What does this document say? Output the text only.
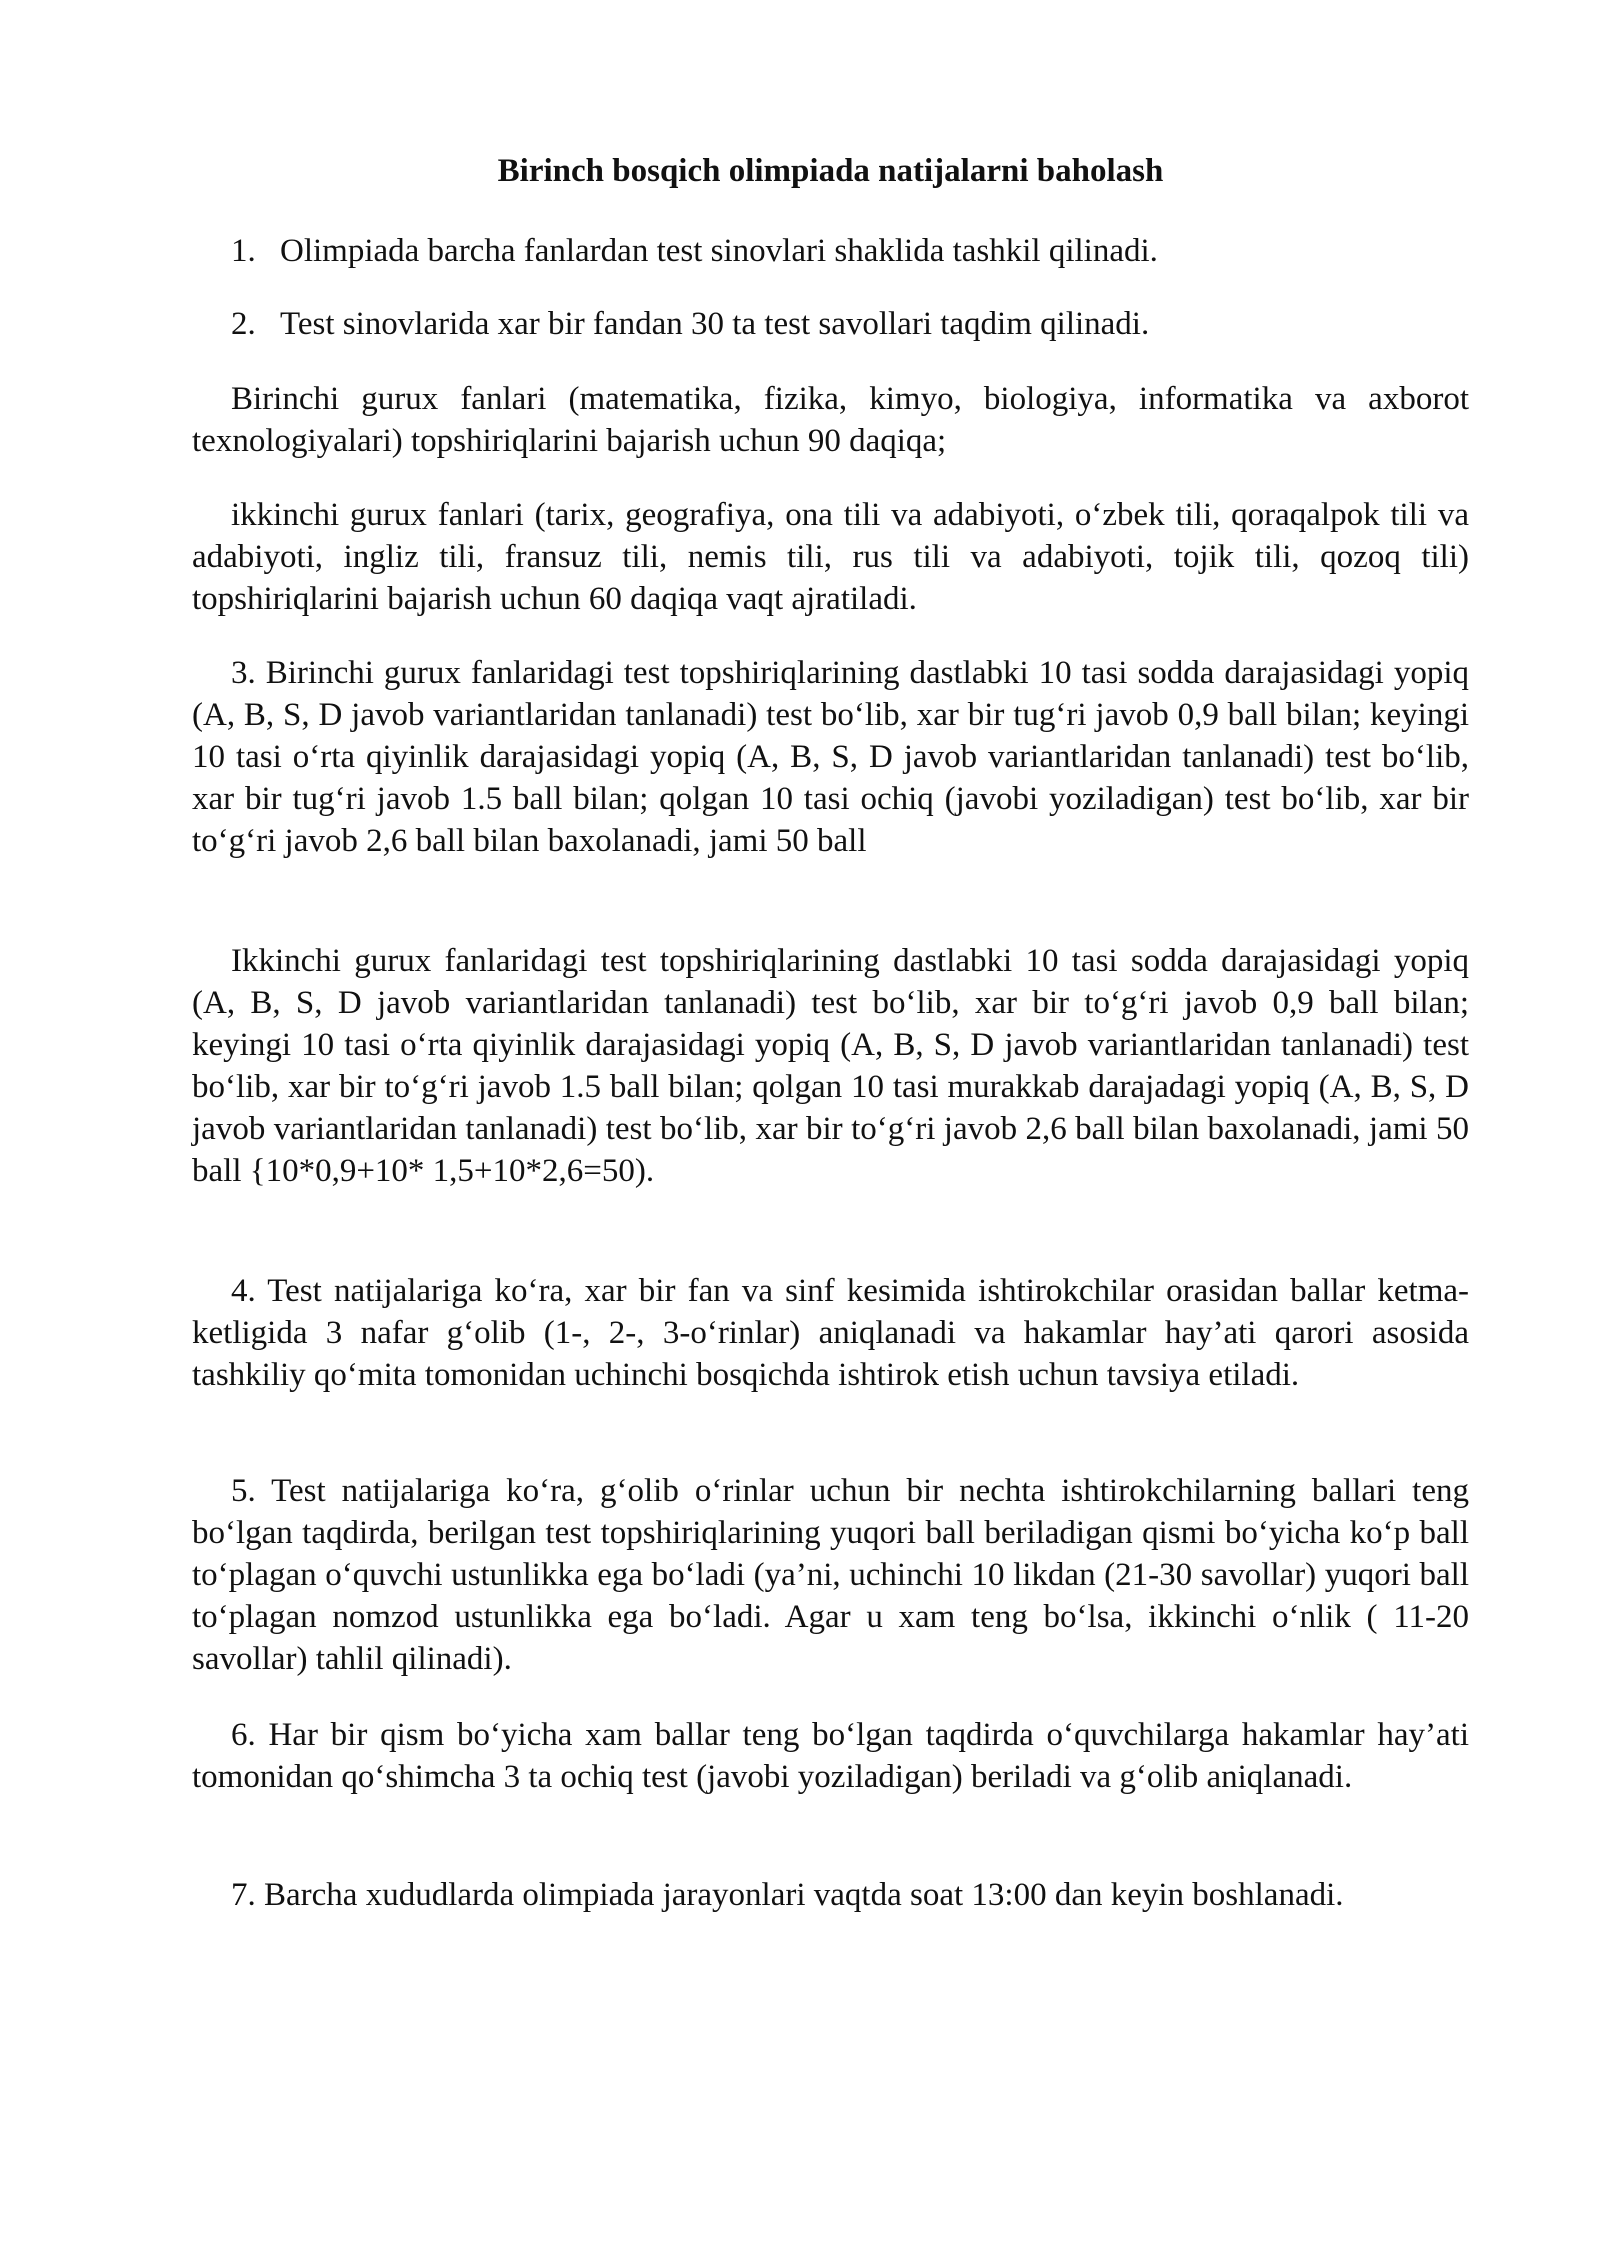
Birinch bosqich olimpiada natijalarni baholash

1. Olimpiada barcha fanlardan test sinovlari shaklida tashkil qilinadi.

2. Test sinovlarida xar bir fandan 30 ta test savollari taqdim qilinadi.

Birinchi gurux fanlari (matematika, fizika, kimyo, biologiya, informatika va axborot texnologiyalari) topshiriqlarini bajarish uchun 90 daqiqa;

ikkinchi gurux fanlari (tarix, geografiya, ona tili va adabiyoti, o‘zbek tili, qoraqalpok tili va adabiyoti, ingliz tili, fransuz tili, nemis tili, rus tili va adabiyoti, tojik tili, qozoq tili) topshiriqlarini bajarish uchun 60 daqiqa vaqt ajratiladi.

3. Birinchi gurux fanlaridagi test topshiriqlarining dastlabki 10 tasi sodda darajasidagi yopiq (A, B, S, D javob variantlaridan tanlanadi) test bo‘lib, xar bir tug‘ri javob 0,9 ball bilan; keyingi 10 tasi o‘rta qiyinlik darajasidagi yopiq (A, B, S, D javob variantlaridan tanlanadi) test bo‘lib, xar bir tug‘ri javob 1.5 ball bilan; qolgan 10 tasi ochiq (javobi yoziladigan) test bo‘lib, xar bir to‘g‘ri javob 2,6 ball bilan baxolanadi, jami 50 ball

Ikkinchi gurux fanlaridagi test topshiriqlarining dastlabki 10 tasi sodda darajasidagi yopiq (A, B, S, D javob variantlaridan tanlanadi) test bo‘lib, xar bir to‘g‘ri javob 0,9 ball bilan; keyingi 10 tasi o‘rta qiyinlik darajasidagi yopiq (A, B, S, D javob variantlaridan tanlanadi) test bo‘lib, xar bir to‘g‘ri javob 1.5 ball bilan; qolgan 10 tasi murakkab darajadagi yopiq (A, B, S, D javob variantlaridan tanlanadi) test bo‘lib, xar bir to‘g‘ri javob 2,6 ball bilan baxolanadi, jami 50 ball {10*0,9+10* 1,5+10*2,6=50).

4. Test natijalariga ko‘ra, xar bir fan va sinf kesimida ishtirokchilar orasidan ballar ketma-ketligida 3 nafar g‘olib (1-, 2-, 3-o‘rinlar) aniqlanadi va hakamlar hay’ati qarori asosida tashkiliy qo‘mita tomonidan uchinchi bosqichda ishtirok etish uchun tavsiya etiladi.

5. Test natijalariga ko‘ra, g‘olib o‘rinlar uchun bir nechta ishtirokchilarning ballari teng bo‘lgan taqdirda, berilgan test topshiriqlarining yuqori ball beriladigan qismi bo‘yicha ko‘p ball to‘plagan o‘quvchi ustunlikka ega bo‘ladi (ya’ni, uchinchi 10 likdan (21-30 savollar) yuqori ball to‘plagan nomzod ustunlikka ega bo‘ladi. Agar u xam teng bo‘lsa, ikkinchi o‘nlik ( 11-20 savollar) tahlil qilinadi).

6. Har bir qism bo‘yicha xam ballar teng bo‘lgan taqdirda o‘quvchilarga hakamlar hay’ati tomonidan qo‘shimcha 3 ta ochiq test (javobi yoziladigan) beriladi va g‘olib aniqlanadi.

7. Barcha xududlarda olimpiada jarayonlari vaqtda soat 13:00 dan keyin boshlanadi.
